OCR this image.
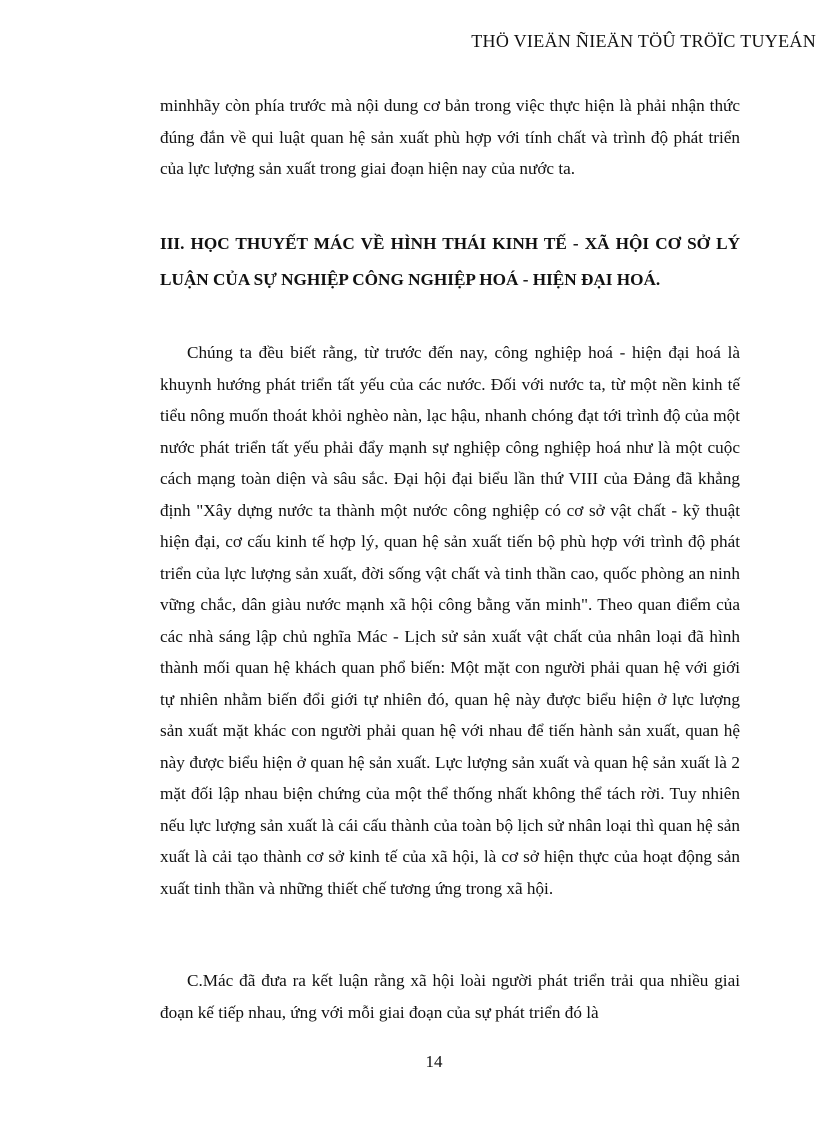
THÖ VIEÄN ÑIEÄN TÖÛ TRÖÏC TUYEÁN

minhhãy còn phía trước mà nội dung cơ bản trong việc thực hiện là phải nhận thức đúng đắn về qui luật quan hệ sản xuất phù hợp với tính chất và trình độ phát triển của lực lượng sản xuất trong giai đoạn hiện nay của nước ta.

III. HỌC THUYẾT MÁC VỀ HÌNH THÁI KINH TẾ - XÃ HỘI CƠ SỞ LÝ LUẬN CỦA SỰ NGHIỆP CÔNG NGHIỆP HOÁ - HIỆN ĐẠI HOÁ.

Chúng ta đều biết rằng, từ trước đến nay, công nghiệp hoá - hiện đại hoá là khuynh hướng phát triển tất yếu của các nước. Đối với nước ta, từ một nền kinh tế tiểu nông muốn thoát khỏi nghèo nàn, lạc hậu, nhanh chóng đạt tới trình độ của một nước phát triển tất yếu phải đẩy mạnh sự nghiệp công nghiệp hoá như là một cuộc cách mạng toàn diện và sâu sắc. Đại hội đại biểu lần thứ VIII của Đảng đã khẳng định "Xây dựng nước ta thành một nước công nghiệp có cơ sở vật chất - kỹ thuật hiện đại, cơ cấu kinh tế hợp lý, quan hệ sản xuất tiến bộ phù hợp với trình độ phát triển của lực lượng sản xuất, đời sống vật chất và tinh thần cao, quốc phòng an ninh vững chắc, dân giàu nước mạnh xã hội công bằng văn minh". Theo quan điểm của các nhà sáng lập chủ nghĩa Mác - Lịch sử sản xuất vật chất của nhân loại đã hình thành mối quan hệ khách quan phổ biến: Một mặt con người phải quan hệ với giới tự nhiên nhằm biến đổi giới tự nhiên đó, quan hệ này được biểu hiện ở lực lượng sản xuất mặt khác con người phải quan hệ với nhau để tiến hành sản xuất, quan hệ này được biểu hiện ở quan hệ sản xuất. Lực lượng sản xuất và quan hệ sản xuất là 2 mặt đối lập nhau biện chứng của một thể thống nhất không thể tách rời. Tuy nhiên nếu lực lượng sản xuất là cái cấu thành của toàn bộ lịch sử nhân loại thì quan hệ sản xuất là cải tạo thành cơ sở kinh tế của xã hội, là cơ sở hiện thực của hoạt động sản xuất tinh thần và những thiết chế tương ứng trong xã hội.

C.Mác đã đưa ra kết luận rằng xã hội loài người phát triển trải qua nhiều giai đoạn kế tiếp nhau, ứng với mỗi giai đoạn của sự phát triển đó là

14
